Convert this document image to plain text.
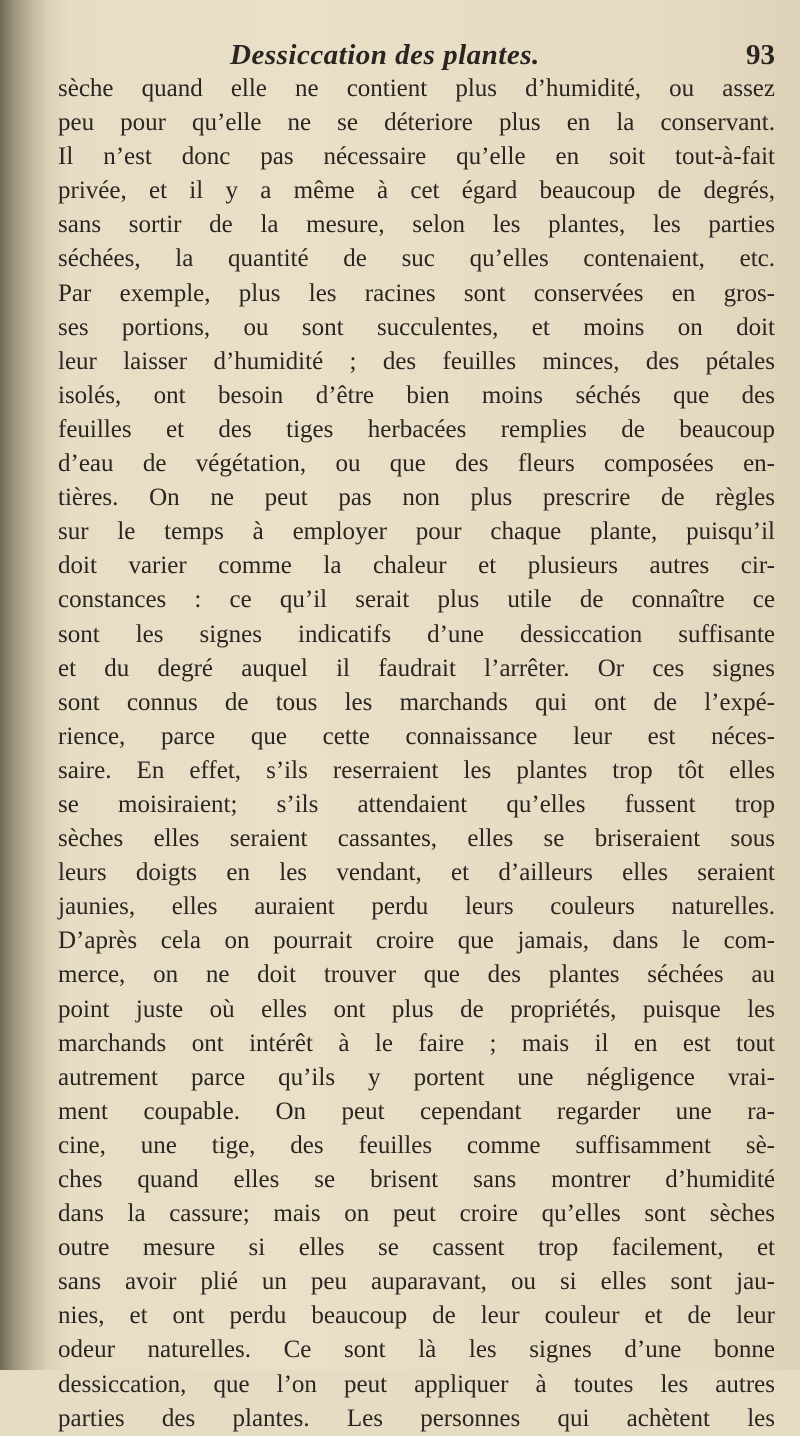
Dessiccation des plantes.	93
sèche quand elle ne contient plus d’humidité, ou assez
peu pour qu’elle ne se déteriore plus en la conservant.
Il n’est donc pas nécessaire qu’elle en soit tout-à-fait
privée, et il y a même à cet égard beaucoup de degrés,
sans sortir de la mesure, selon les plantes, les parties
séchées, la quantité de suc qu’elles contenaient, etc.
Par exemple, plus les racines sont conservées en gros-
ses portions, ou sont succulentes, et moins on doit
leur laisser d’humidité ; des feuilles minces, des pétales
isolés, ont besoin d’être bien moins séchés que des
feuilles et des tiges herbacées remplies de beaucoup
d’eau de végétation, ou que des fleurs composées en-
tières. On ne peut pas non plus prescrire de règles
sur le temps à employer pour chaque plante, puisqu’il
doit varier comme la chaleur et plusieurs autres cir-
constances : ce qu’il serait plus utile de connaître ce
sont les signes indicatifs d’une dessiccation suffisante
et du degré auquel il faudrait l’arrêter. Or ces signes
sont connus de tous les marchands qui ont de l’expé-
rience, parce que cette connaissance leur est néces-
saire. En effet, s’ils reserraient les plantes trop tôt elles
se moisiraient; s’ils attendaient qu’elles fussent trop
sèches elles seraient cassantes, elles se briseraient sous
leurs doigts en les vendant, et d’ailleurs elles seraient
jaunies, elles auraient perdu leurs couleurs naturelles.
D’après cela on pourrait croire que jamais, dans le com-
merce, on ne doit trouver que des plantes séchées au
point juste où elles ont plus de propriétés, puisque les
marchands ont intérêt à le faire ; mais il en est tout
autrement parce qu’ils y portent une négligence vrai-
ment coupable. On peut cependant regarder une ra-
cine, une tige, des feuilles comme suffisamment sè-
ches quand elles se brisent sans montrer d’humidité
dans la cassure; mais on peut croire qu’elles sont sèches
outre mesure si elles se cassent trop facilement, et
sans avoir plié un peu auparavant, ou si elles sont jau-
nies, et ont perdu beaucoup de leur couleur et de leur
odeur naturelles. Ce sont là les signes d’une bonne
dessiccation, que l’on peut appliquer à toutes les autres
parties des plantes. Les personnes qui achètent les
